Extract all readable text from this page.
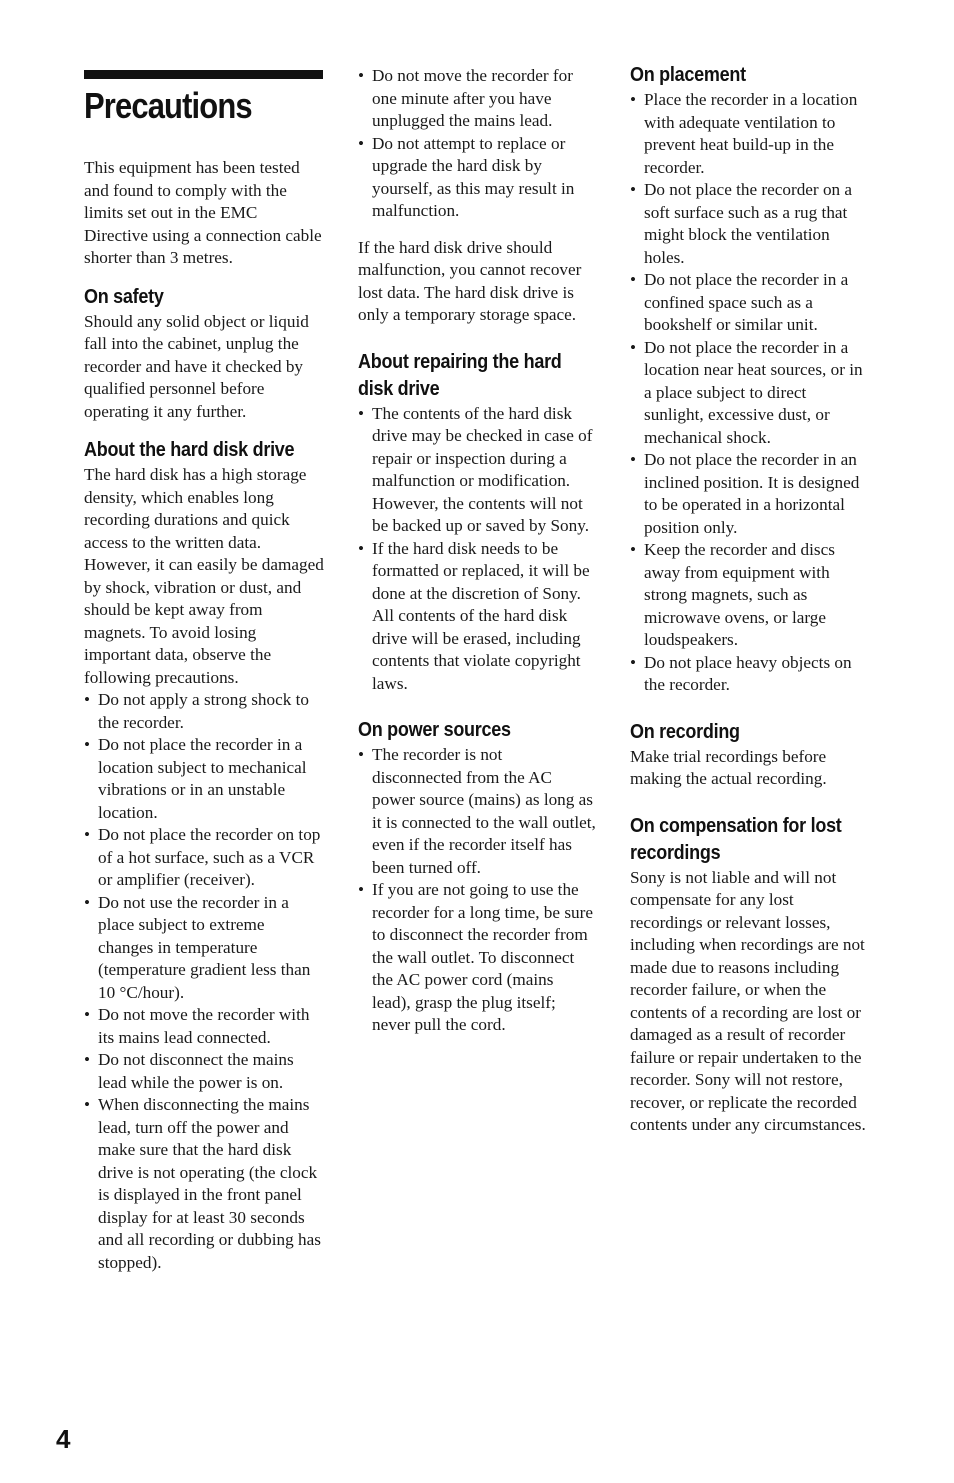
Precautions

This equipment has been tested and found to comply with the limits set out in the EMC Directive using a connection cable shorter than 3 metres.

On safety

Should any solid object or liquid fall into the cabinet, unplug the recorder and have it checked by qualified personnel before operating it any further.

About the hard disk drive

The hard disk has a high storage density, which enables long recording durations and quick access to the written data. However, it can easily be damaged by shock, vibration or dust, and should be kept away from magnets. To avoid losing important data, observe the following precautions.

• Do not apply a strong shock to the recorder.
• Do not place the recorder in a location subject to mechanical vibrations or in an unstable location.
• Do not place the recorder on top of a hot surface, such as a VCR or amplifier (receiver).
• Do not use the recorder in a place subject to extreme changes in temperature (temperature gradient less than 10 °C/hour).
• Do not move the recorder with its mains lead connected.
• Do not disconnect the mains lead while the power is on.
• When disconnecting the mains lead, turn off the power and make sure that the hard disk drive is not operating (the clock is displayed in the front panel display for at least 30 seconds and all recording or dubbing has stopped).
• Do not move the recorder for one minute after you have unplugged the mains lead.
• Do not attempt to replace or upgrade the hard disk by yourself, as this may result in malfunction.

If the hard disk drive should malfunction, you cannot recover lost data. The hard disk drive is only a temporary storage space.

About repairing the hard disk drive
• The contents of the hard disk drive may be checked in case of repair or inspection during a malfunction or modification. However, the contents will not be backed up or saved by Sony.
• If the hard disk needs to be formatted or replaced, it will be done at the discretion of Sony. All contents of the hard disk drive will be erased, including contents that violate copyright laws.
On power sources
• The recorder is not disconnected from the AC power source (mains) as long as it is connected to the wall outlet, even if the recorder itself has been turned off.
• If you are not going to use the recorder for a long time, be sure to disconnect the recorder from the wall outlet. To disconnect the AC power cord (mains lead), grasp the plug itself; never pull the cord.
On placement
• Place the recorder in a location with adequate ventilation to prevent heat build-up in the recorder.
• Do not place the recorder on a soft surface such as a rug that might block the ventilation holes.
• Do not place the recorder in a confined space such as a bookshelf or similar unit.
• Do not place the recorder in a location near heat sources, or in a place subject to direct sunlight, excessive dust, or mechanical shock.
• Do not place the recorder in an inclined position. It is designed to be operated in a horizontal position only.
• Keep the recorder and discs away from equipment with strong magnets, such as microwave ovens, or large loudspeakers.
• Do not place heavy objects on the recorder.
On recording

Make trial recordings before making the actual recording.

On compensation for lost recordings

Sony is not liable and will not compensate for any lost recordings or relevant losses, including when recordings are not made due to reasons including recorder failure, or when the contents of a recording are lost or damaged as a result of recorder failure or repair undertaken to the recorder. Sony will not restore, recover, or replicate the recorded contents under any circumstances.

4
